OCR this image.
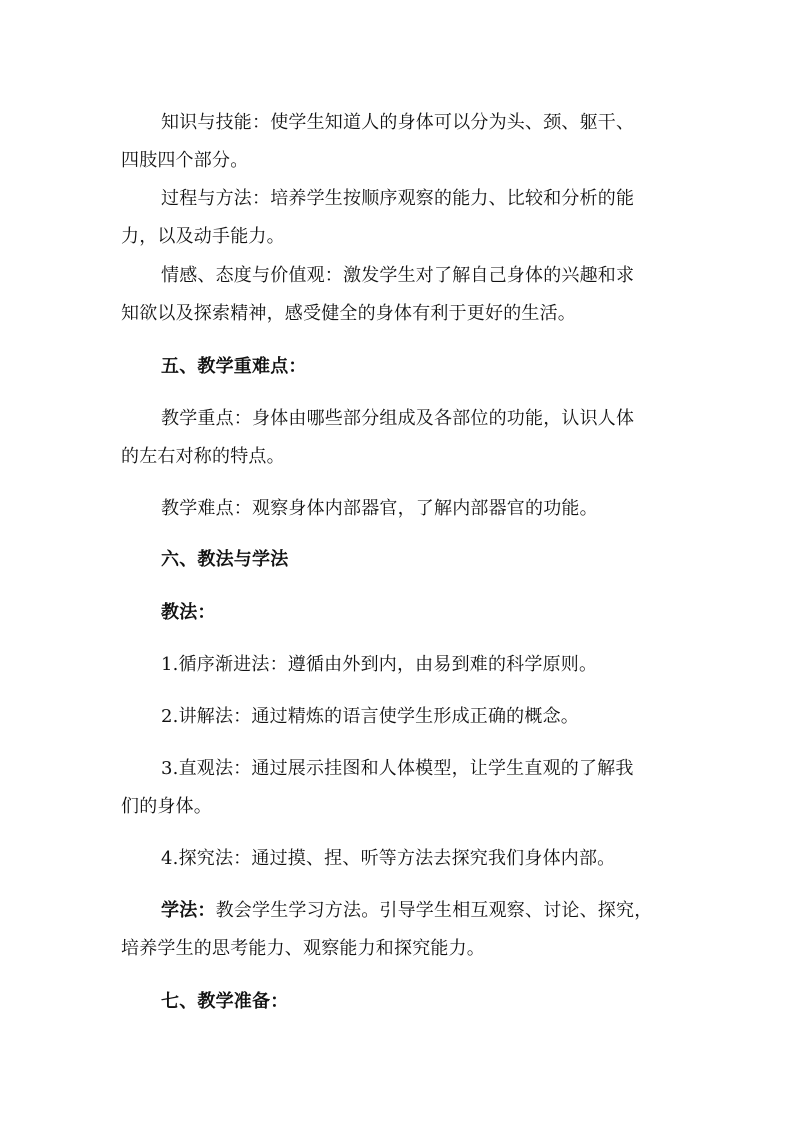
知识与技能：使学生知道人的身体可以分为头、颈、躯干、
四肢四个部分。
过程与方法：培养学生按顺序观察的能力、比较和分析的能
力，以及动手能力。
情感、态度与价值观：激发学生对了解自己身体的兴趣和求
知欲以及探索精神，感受健全的身体有利于更好的生活。
五、教学重难点：
教学重点：身体由哪些部分组成及各部位的功能，认识人体
的左右对称的特点。
教学难点：观察身体内部器官，了解内部器官的功能。
六、教法与学法
教法：
1.循序渐进法：遵循由外到内，由易到难的科学原则。
2.讲解法：通过精炼的语言使学生形成正确的概念。
3.直观法：通过展示挂图和人体模型，让学生直观的了解我
们的身体。
4.探究法：通过摸、捏、听等方法去探究我们身体内部。
学法：教会学生学习方法。引导学生相互观察、讨论、探究，
培养学生的思考能力、观察能力和探究能力。
七、教学准备：
